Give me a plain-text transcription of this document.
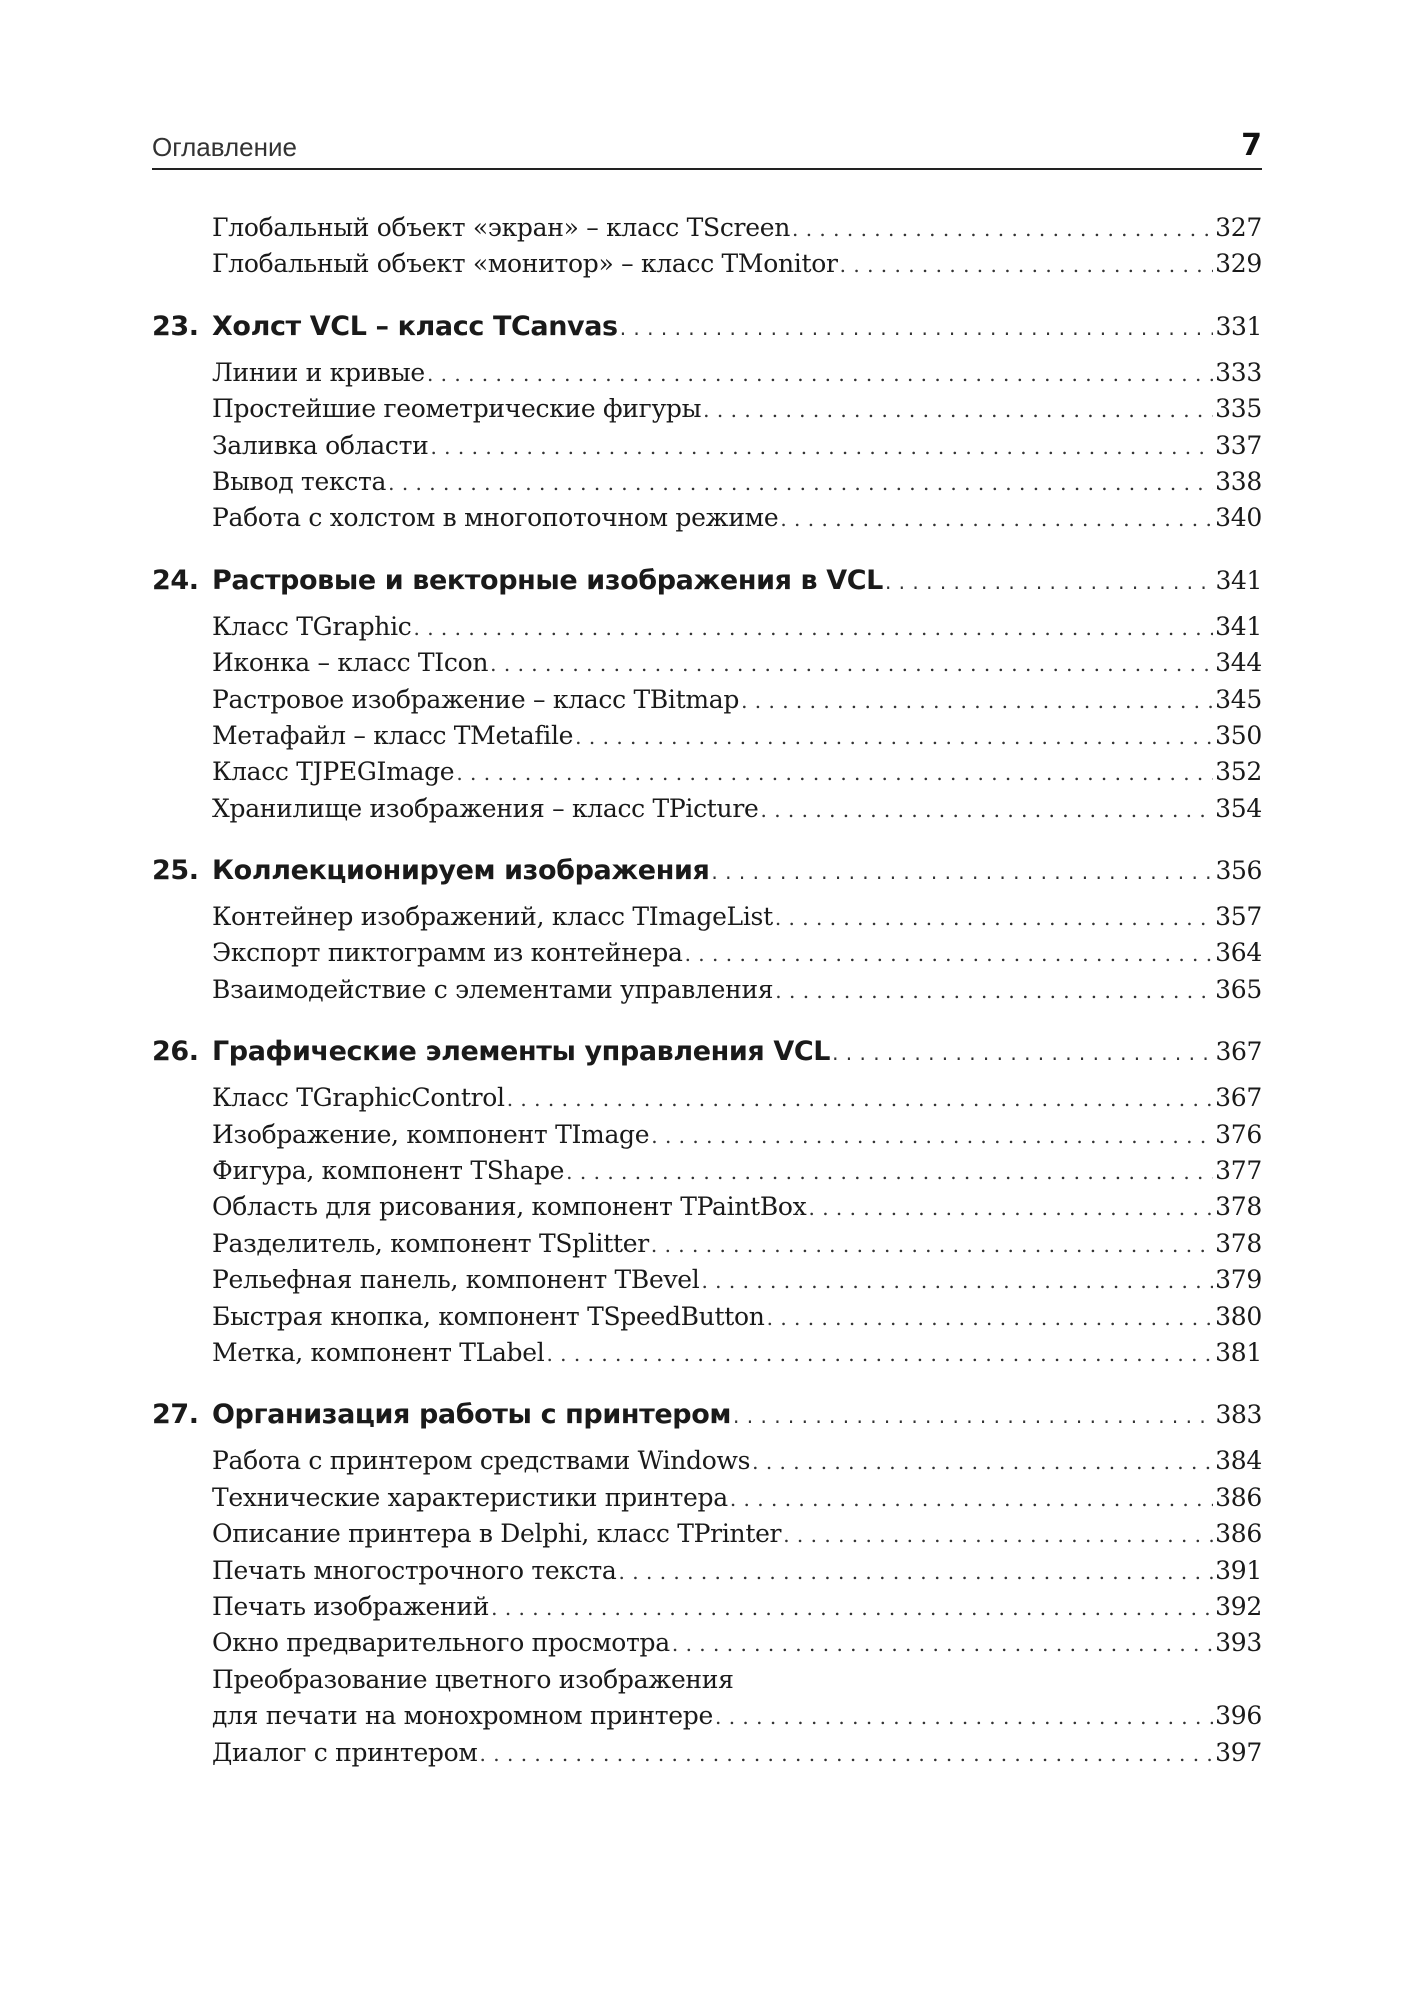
Оглавление	7
Глобальный объект «экран» – класс TScreen . . .	327
Глобальный объект «монитор» – класс TMonitor . . .	329
23. Холст VCL – класс TCanvas . . .	331
Линии и кривые . . .	333
Простейшие геометрические фигуры . . .	335
Заливка области . . .	337
Вывод текста . . .	338
Работа с холстом в многопоточном режиме . . .	340
24. Растровые и векторные изображения в VCL . . .	341
Класс TGraphic . . .	341
Иконка – класс TIcon . . .	344
Растровое изображение – класс TBitmap . . .	345
Метафайл – класс TMetafile . . .	350
Класс TJPEGImage . . .	352
Хранилище изображения – класс TPicture . . .	354
25. Коллекционируем изображения . . .	356
Контейнер изображений, класс TImageList . . .	357
Экспорт пиктограмм из контейнера . . .	364
Взаимодействие с элементами управления . . .	365
26. Графические элементы управления VCL . . .	367
Класс TGraphicControl . . .	367
Изображение, компонент TImage . . .	376
Фигура, компонент TShape . . .	377
Область для рисования, компонент TPaintBox . . .	378
Разделитель, компонент TSplitter . . .	378
Рельефная панель, компонент TBevel . . .	379
Быстрая кнопка, компонент TSpeedButton . . .	380
Метка, компонент TLabel . . .	381
27. Организация работы с принтером . . .	383
Работа с принтером средствами Windows . . .	384
Технические характеристики принтера . . .	386
Описание принтера в Delphi, класс TPrinter . . .	386
Печать многострочного текста . . .	391
Печать изображений . . .	392
Окно предварительного просмотра . . .	393
Преобразование цветного изображения
для печати на монохромном принтере . . .	396
Диалог с принтером . . .	397
